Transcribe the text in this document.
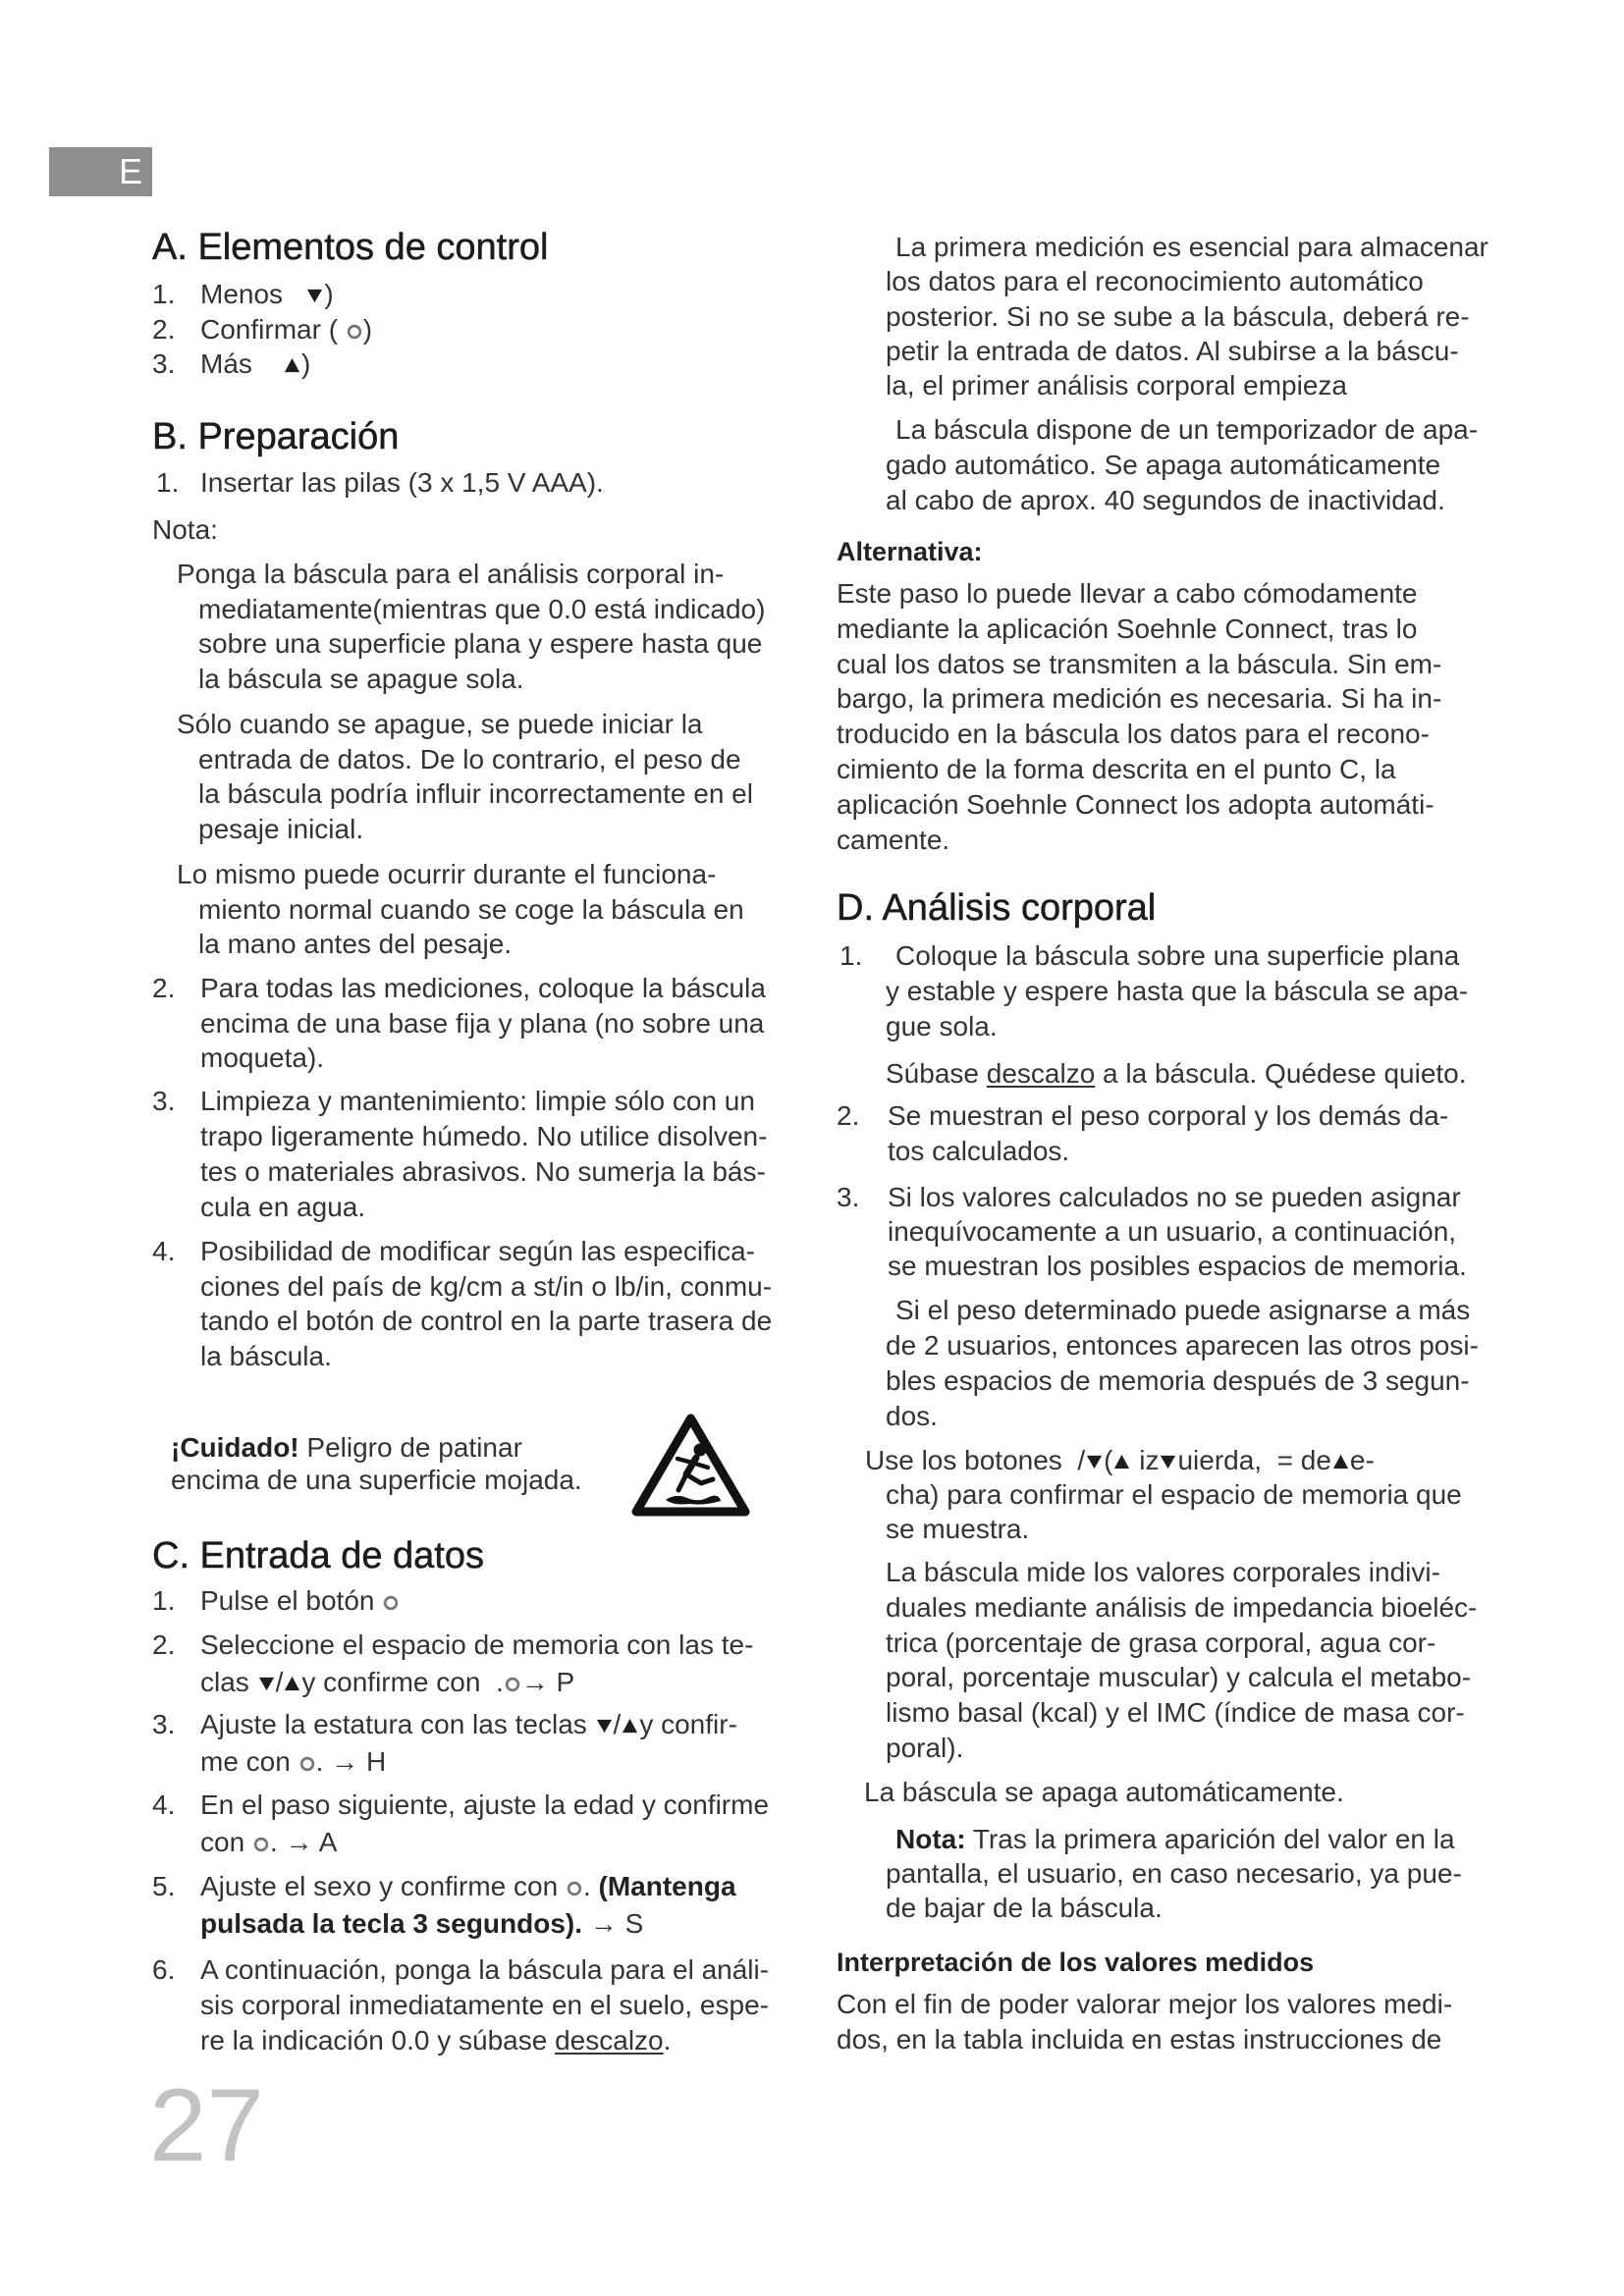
E
A. Elementos de control
1. Menos
)
2. Confirmar (
)
3. Más
)
B. Preparación
1. Insertar las pilas (3 x 1,5 V AAA).
Nota:
Ponga la báscula para el análisis corporal in-
mediatamente(mientras que 0.0 está indicado)
sobre una superficie plana y espere hasta que
la báscula se apague sola.
Sólo cuando se apague, se puede iniciar la
entrada de datos. De lo contrario, el peso de
la báscula podría influir incorrectamente en el
pesaje inicial.
Lo mismo puede ocurrir durante el funciona-
miento normal cuando se coge la báscula en
la mano antes del pesaje.
2. Para todas las mediciones, coloque la báscula
encima de una base fija y plana (no sobre una
moqueta).
3. Limpieza y mantenimiento: limpie sólo con un
trapo ligeramente húmedo. No utilice disolven-
tes o materiales abrasivos. No sumerja la bás-
cula en agua.
4. Posibilidad de modificar según las especifica-
ciones del país de kg/cm a st/in o lb/in, conmu-
tando el botón de control en la parte trasera de
la báscula.
¡Cuidado! Peligro de patinar
encima de una superficie mojada.
C. Entrada de datos
1. Pulse el botón
2. Seleccione el espacio de memoria con las te-
clas
/ y confirme con  . → P
3. Ajuste la estatura con las teclas
/ y confir-
me con
. → H
4. En el paso siguiente, ajuste la edad y confirme
con
. → A
5. Ajuste el sexo y confirme con
. (Mantenga
pulsada la tecla 3 segundos). → S
6. A continuación, ponga la báscula para el análi-
sis corporal inmediatamente en el suelo, espe-
re la indicación 0.0 y súbase descalzo.
27
La primera medición es esencial para almacenar
los datos para el reconocimiento automático
posterior. Si no se sube a la báscula, deberá re-
petir la entrada de datos. Al subirse a la báscu-
la, el primer análisis corporal empieza
La báscula dispone de un temporizador de apa-
gado automático. Se apaga automáticamente
al cabo de aprox. 40 segundos de inactividad.
Alternativa:
Este paso lo puede llevar a cabo cómodamente
mediante la aplicación Soehnle Connect, tras lo
cual los datos se transmiten a la báscula. Sin em-
bargo, la primera medición es necesaria. Si ha in-
troducido en la báscula los datos para el recono-
cimiento de la forma descrita en el punto C, la
aplicación Soehnle Connect los adopta automáti-
camente.
D. Análisis corporal
1. Coloque la báscula sobre una superficie plana
y estable y espere hasta que la báscula se apa-
gue sola.
Súbase descalzo a la báscula. Quédese quieto.
2. Se muestran el peso corporal y los demás da-
tos calculados.
3. Si los valores calculados no se pueden asignar
inequívocamente a un usuario, a continuación,
se muestran los posibles espacios de memoria.
Si el peso determinado puede asignarse a más
de 2 usuarios, entonces aparecen las otros posi-
bles espacios de memoria después de 3 segun-
dos.
Use los botones  / (
iz uierda,  = de e-
cha) para confirmar el espacio de memoria que
se muestra.
La báscula mide los valores corporales indivi-
duales mediante análisis de impedancia bioeléc-
trica (porcentaje de grasa corporal, agua cor-
poral, porcentaje muscular) y calcula el metabo-
lismo basal (kcal) y el IMC (índice de masa cor-
poral).
La báscula se apaga automáticamente.
Nota: Tras la primera aparición del valor en la
pantalla, el usuario, en caso necesario, ya pue-
de bajar de la báscula.
Interpretación de los valores medidos
Con el fin de poder valorar mejor los valores medi-
dos, en la tabla incluida en estas instrucciones de
